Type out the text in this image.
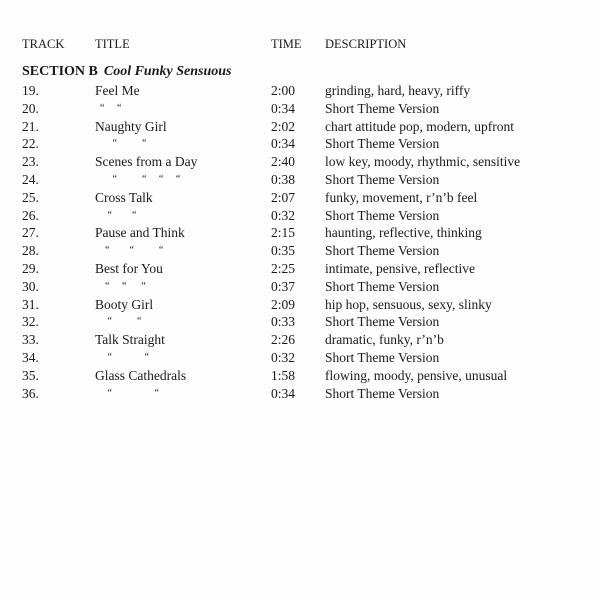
TRACK TITLE	TIME DESCRIPTION
SECTION B Cool Funky Sensuous
19.	Feel Me	2:00 grinding, hard, heavy, riffy
20.	“     “	0:34 Short Theme Version
21.	Naughty Girl	2:02 chart attitude pop, modern, upfront
22.	“          “	0:34 Short Theme Version
23.	Scenes from a Day	2:40 low key, moody, rhythmic, sensitive
24.	“          “     “     “	0:38 Short Theme Version
25.	Cross Talk	2:07 funky, movement, r’n’b feel
26.	“        “	0:32 Short Theme Version
27.	Pause and Think	2:15 haunting, reflective, thinking
28.	“        “          “	0:35 Short Theme Version
29.	Best for You	2:25 intimate, pensive, reflective
30.	“     “      “	0:37 Short Theme Version
31.	Booty Girl	2:09 hip hop, sensuous, sexy, slinky
32.	“          “	0:33 Short Theme Version
33.	Talk Straight	2:26 dramatic, funky, r’n’b
34.	“             “	0:32 Short Theme Version
35.	Glass Cathedrals	1:58 flowing, moody, pensive, unusual
36.	“                 “	0:34 Short Theme Version
